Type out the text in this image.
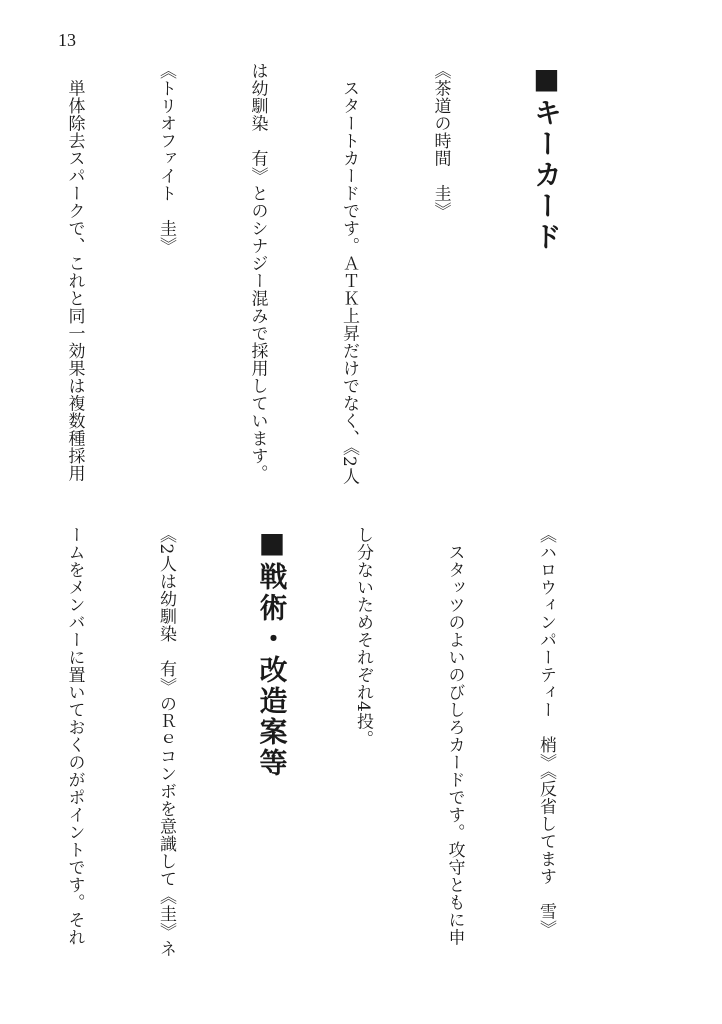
13

■キーカード

《茶道の時間　圭》

　スタートカードです。ＡＴＫ上昇だけでなく、《2人

は幼馴染　有》とのシナジー混みで採用しています。

《トリオファイト　圭》

　単体除去スパークで、これと同一効果は複数種採用

《ハロウィンパーティー　梢》《反省してます　雪》

　スタッツのよいのびしろカードです。攻守ともに申

し分ないためそれぞれ4投。

■戦術・改造案等

《2人は幼馴染　有》のＲｅコンボを意識して《圭》ネ

ームをメンバーに置いておくのがポイントです。それ
